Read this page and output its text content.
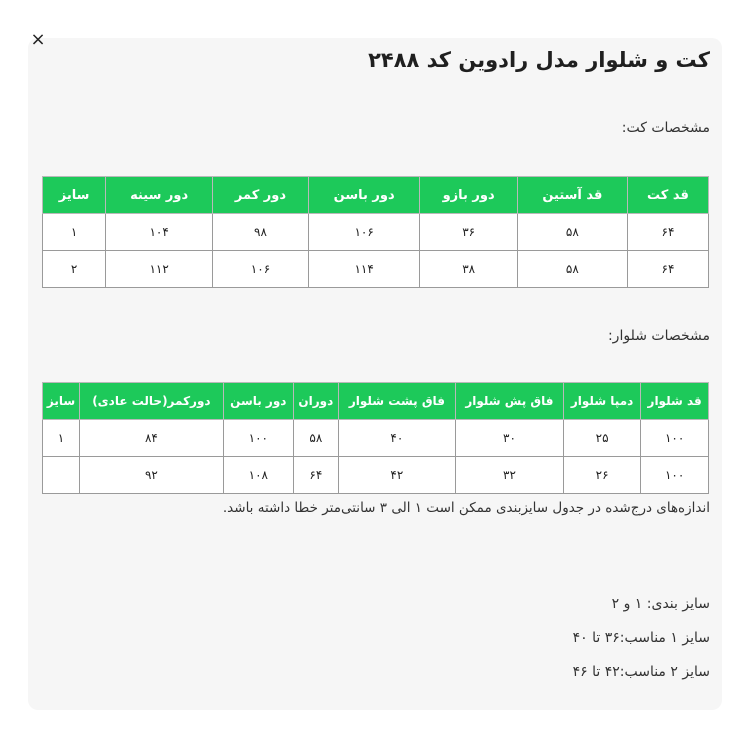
×
کت و شلوار مدل رادوین کد ۲۴۸۸
مشخصات کت:
قد کت	قد آستین	دور بازو	دور باسن	دور کمر	دور سینه	سایز
۶۴	۵۸	۳۶	۱۰۶	۹۸	۱۰۴	۱
۶۴	۵۸	۳۸	۱۱۴	۱۰۶	۱۱۲	۲
مشخصات شلوار:
قد شلوار	دمپا شلوار	فاق پش شلوار	فاق پشت شلوار	دوران	دور باسن	دورکمر(حالت عادی)	سایز
۱۰۰	۲۵	۳۰	۴۰	۵۸	۱۰۰	۸۴	۱
۱۰۰	۲۶	۳۲	۴۲	۶۴	۱۰۸	۹۲	
اندازه‌های درج‌شده در جدول سایزبندی ممکن است ۱ الی ۳ سانتی‌متر خطا داشته باشد.
سایز بندی: ۱ و ۲
سایز ۱ مناسب:۳۶ تا ۴۰
سایز ۲ مناسب:۴۲ تا ۴۶
